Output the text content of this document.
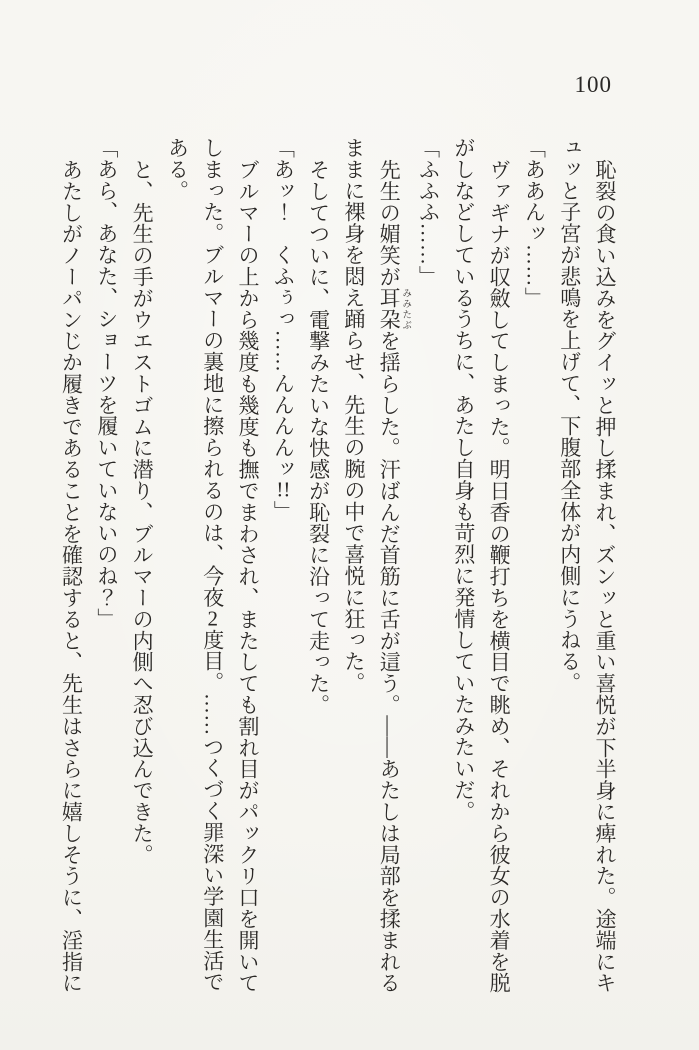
100

恥裂の食い込みをグイッと押し揉まれ、ズンッと重い喜悦が下半身に痺れた。途端にキ

ュッと子宮が悲鳴を上げて、下腹部全体が内側にうねる。

「ああんッ……」

ヴァギナが収斂してしまった。明日香の鞭打ちを横目で眺め、それから彼女の水着を脱

がしなどしているうちに、あたし自身も苛烈に発情していたみたいだ。

「ふふふ……」

先生の媚笑が耳朶 みみたぶを揺らした。汗ばんだ首筋に舌が這う。――あたしは局部を揉まれる

ままに裸身を悶え踊らせ、先生の腕の中で喜悦に狂った。

そしてついに、電撃みたいな快感が恥裂に沿って走った。

「あッ！　くふぅっ……んんんんッ!!」

ブルマーの上から幾度も幾度も撫でまわされ、またしても割れ目がパックリ口を開いて

しまった。ブルマーの裏地に擦られるのは、今夜2度目。……つくづく罪深い学園生活で

ある。

と、先生の手がウエストゴムに潜り、ブルマーの内側へ忍び込んできた。

「あら、あなた、ショーツを履いていないのね？」

あたしがノーパンじか履きであることを確認すると、先生はさらに嬉しそうに、淫指に
